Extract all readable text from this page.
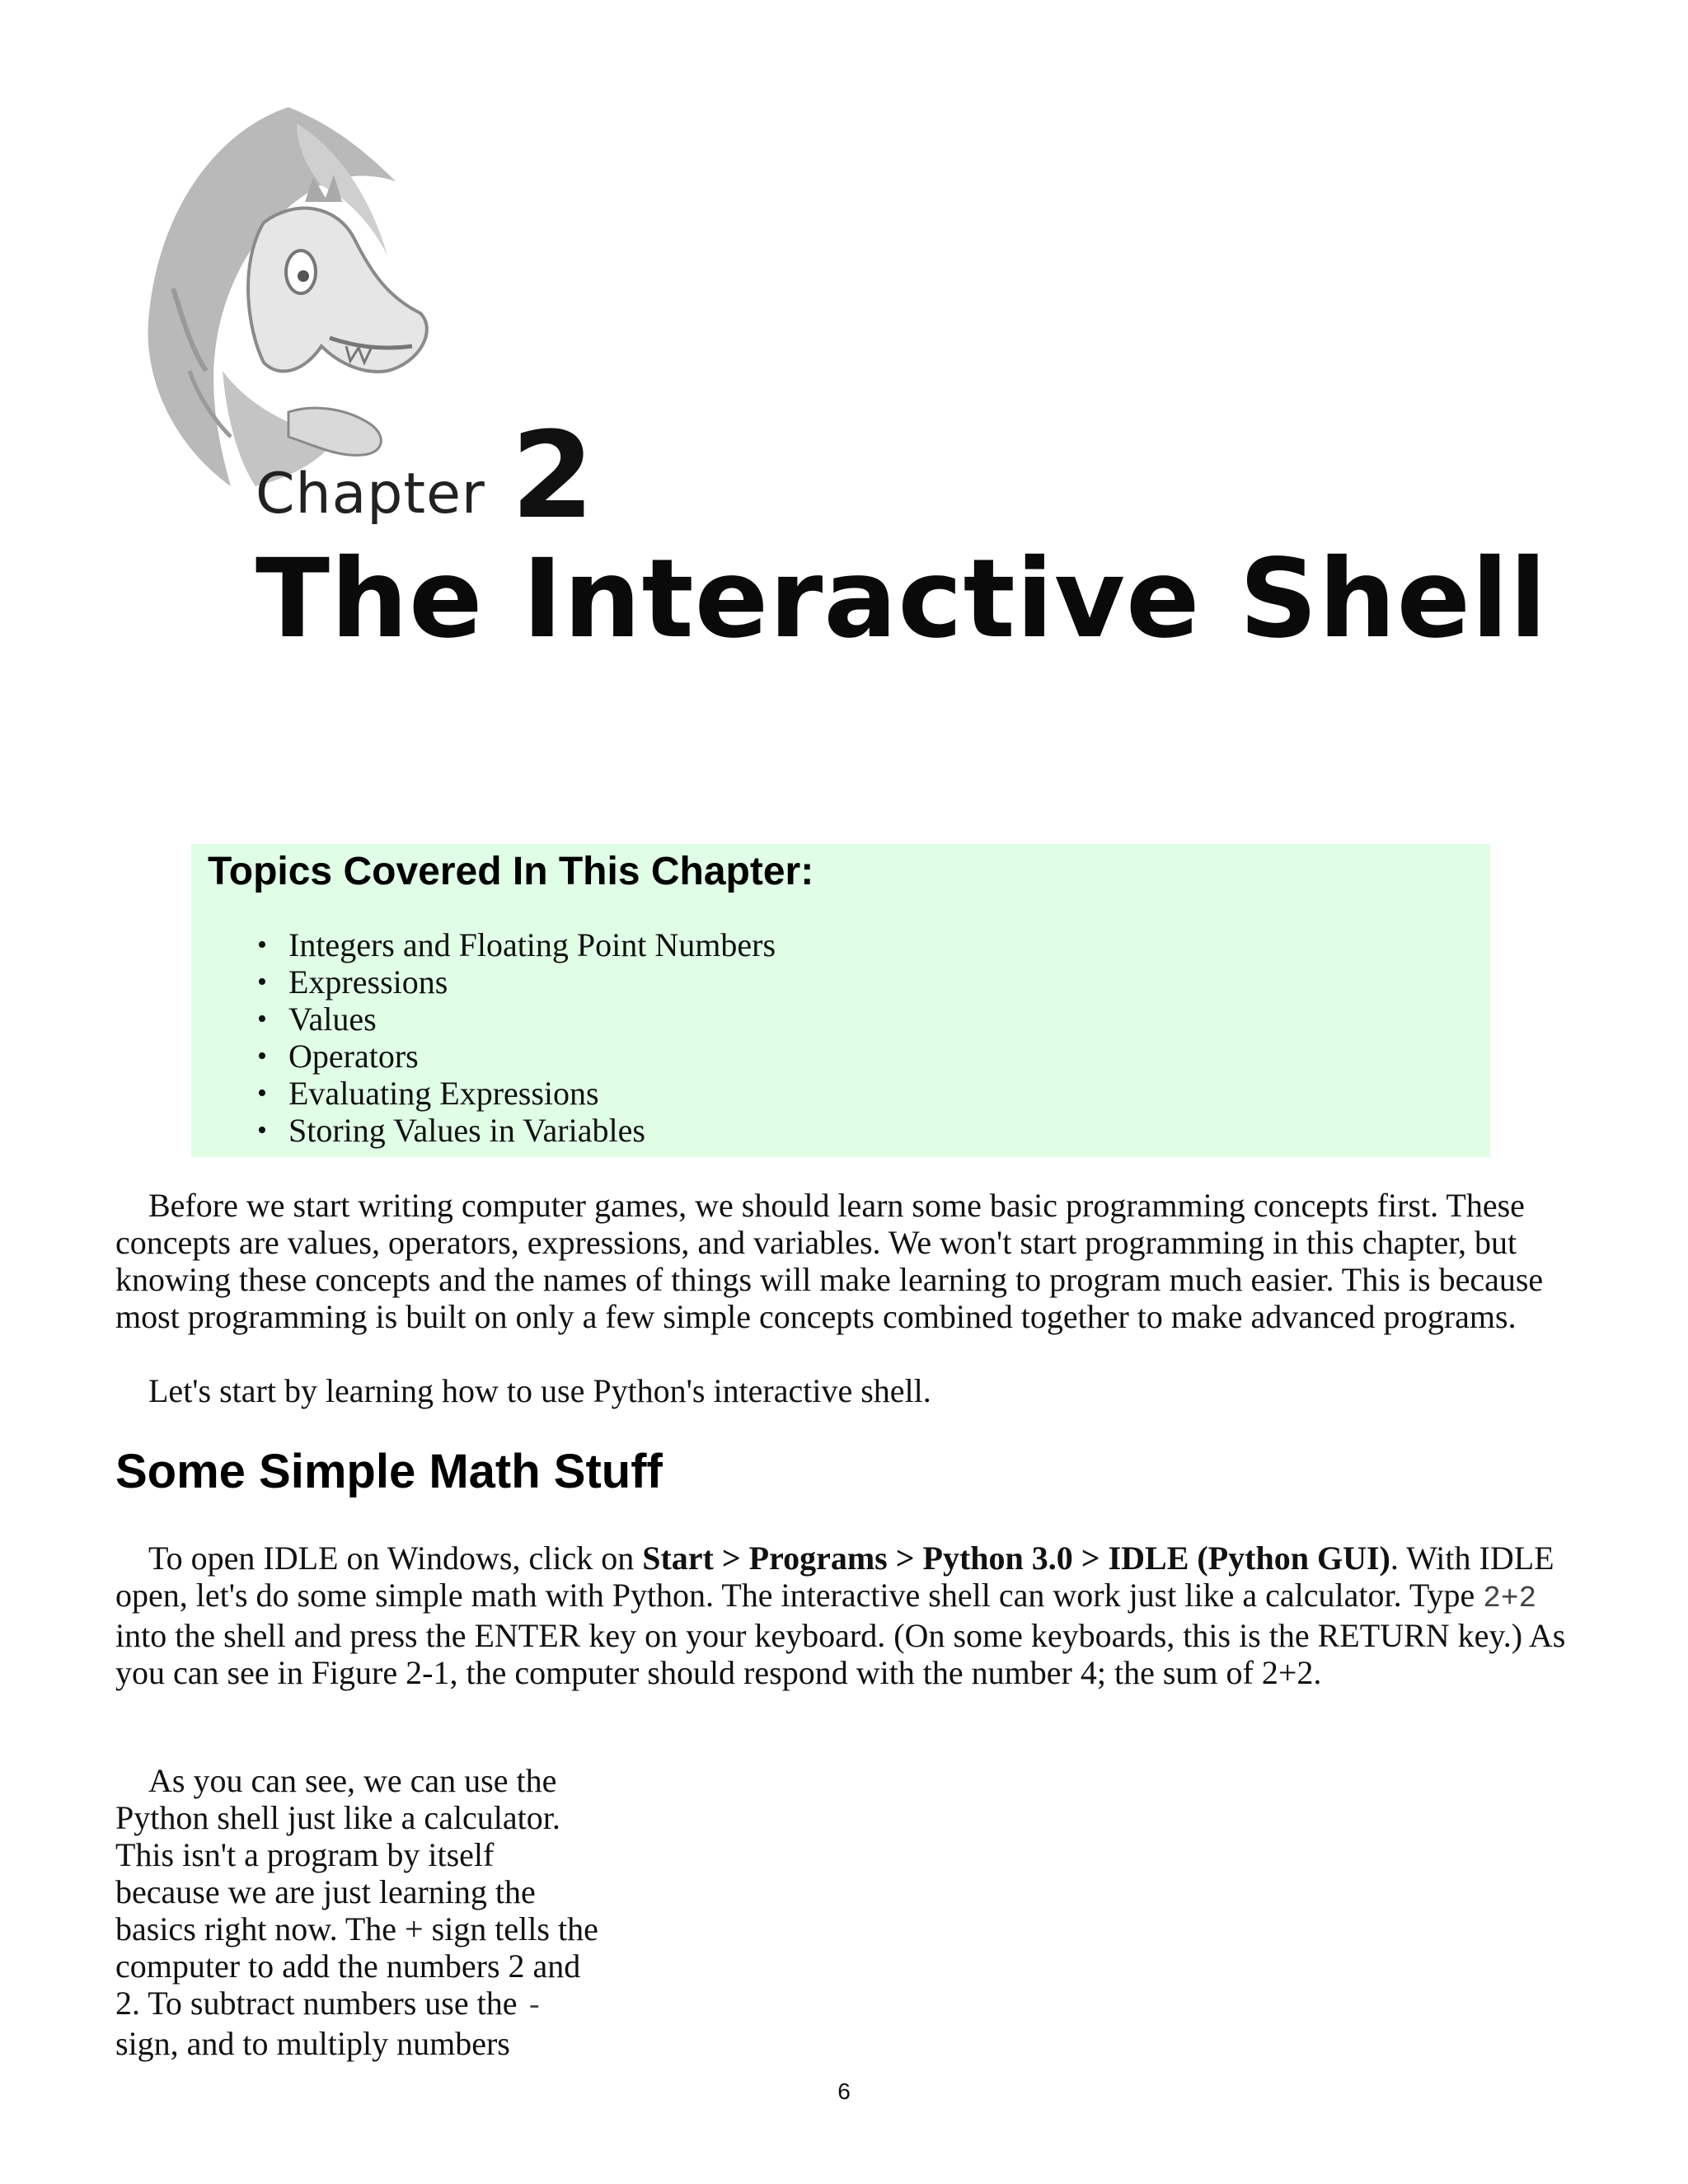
Chapter 2
The Interactive Shell
Topics Covered In This Chapter:
• Integers and Floating Point Numbers
• Expressions
• Values
• Operators
• Evaluating Expressions
• Storing Values in Variables

Before we start writing computer games, we should learn some basic programming concepts first. These concepts are values, operators, expressions, and variables. We won't start programming in this chapter, but knowing these concepts and the names of things will make learning to program much easier. This is because most programming is built on only a few simple concepts combined together to make advanced programs.

Let's start by learning how to use Python's interactive shell.

Some Simple Math Stuff

To open IDLE on Windows, click on Start > Programs > Python 3.0 > IDLE (Python GUI). With IDLE open, let's do some simple math with Python. The interactive shell can work just like a calculator. Type 2+2 into the shell and press the ENTER key on your keyboard. (On some keyboards, this is the RETURN key.) As you can see in Figure 2-1, the computer should respond with the number 4; the sum of 2+2.

As you can see, we can use the Python shell just like a calculator. This isn't a program by itself because we are just learning the basics right now. The + sign tells the computer to add the numbers 2 and 2. To subtract numbers use the - sign, and to multiply numbers

6
